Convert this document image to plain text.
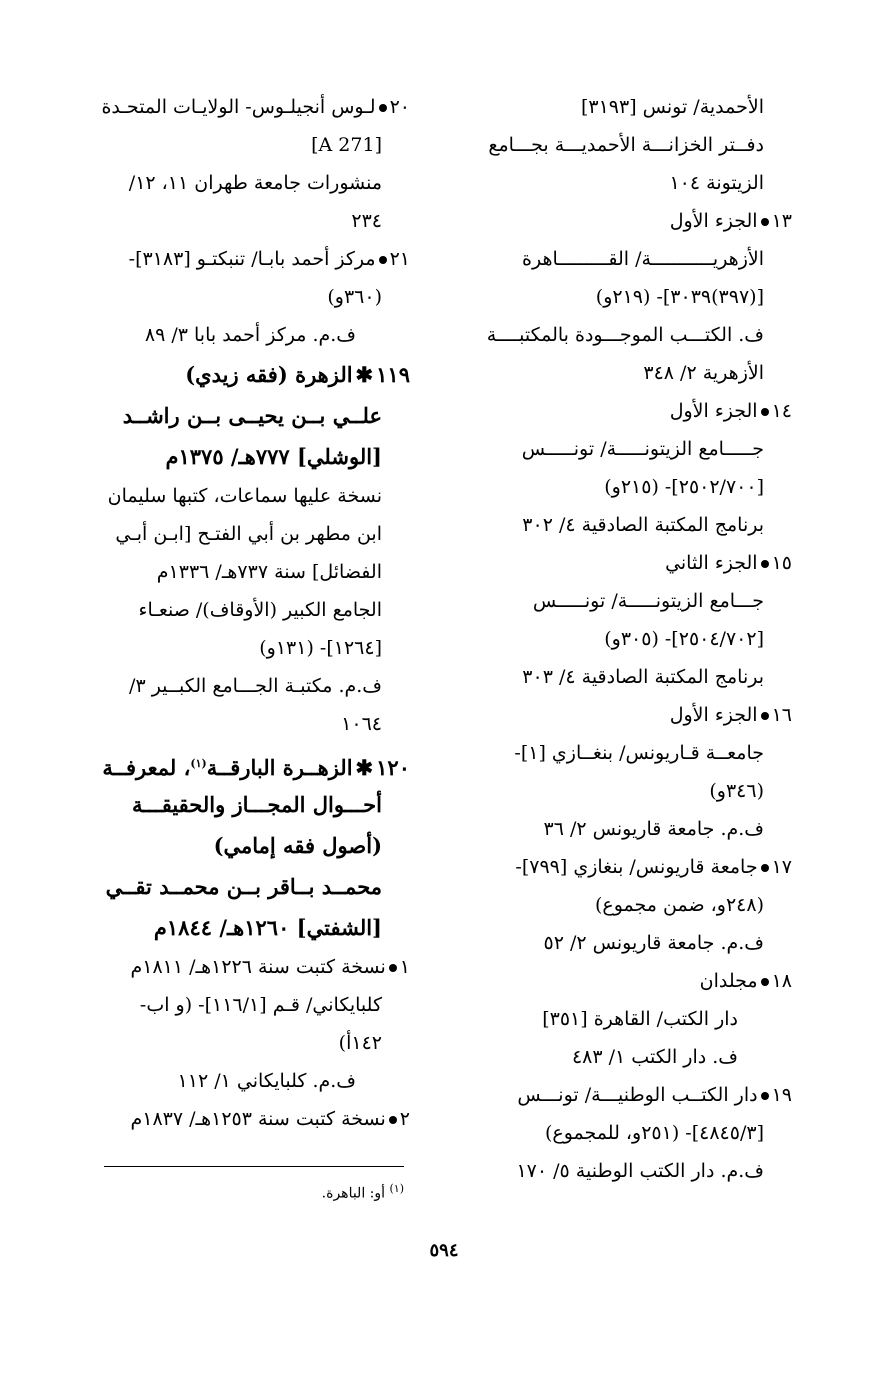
الأحمدية/ تونس [٣١٩٣]
دفــتر الخزانـــة الأحمديـــة بجـــامع
الزيتونة ١٠٤
١٣الجزء الأول
الأزهريـــــــــــة/ القـــــــــاهرة
[(٣٩٧)٣٠٣٩]- (٢١٩و)
ف. الكتـــب الموجـــودة بالمكتبــــة
الأزهرية ٢/ ٣٤٨
١٤الجزء الأول
جـــــامع الزيتونـــــة/ تونـــــس
[٢٥٠٢/٧٠٠]- (٢١٥و)
برنامج المكتبة الصادقية ٤/ ٣٠٢
١٥الجزء الثاني
جـــامع الزيتونـــــة/ تونـــــس
[٢٥٠٤/٧٠٢]- (٣٠٥و)
برنامج المكتبة الصادقية ٤/ ٣٠٣
١٦الجزء الأول
جامعــة قـاريونس/ بنغــازي [١]-
(٣٤٦و)
ف.م. جامعة قاريونس ٢/ ٣٦
١٧جامعة قاريونس/ بنغازي [٧٩٩]-
(٢٤٨و، ضمن مجموع)
ف.م. جامعة قاريونس ٢/ ٥٢
١٨مجلدان
دار الكتب/ القاهرة [٣٥١]
ف. دار الكتب ١/ ٤٨٣
١٩دار الكتــب الوطنيـــة/ تونـــس
[٤٨٤٥/٣]- (٢٥١و، للمجموع)
ف.م. دار الكتب الوطنية ٥/ ١٧٠
٢٠لـوس أنجيلـوس- الولايـات المتحـدة
[A 271]
منشورات جامعة طهران ١١، ١٢/
٢٣٤
٢١مركز أحمد بابـا/ تنبكتـو [٣١٨٣]-
(٣٦٠و)
ف.م. مركز أحمد بابا ٣/ ٨٩
١١٩✱الزهرة (فقه زيدي)
علــي بــن يحيــى بــن راشــد
[الوشلي] ٧٧٧هـ/ ١٣٧٥م
نسخة عليها سماعات، كتبها سليمان
ابن مطهر بن أبي الفتـح [ابـن أبـي
الفضائل] سنة ٧٣٧هـ/ ١٣٣٦م
الجامع الكبير (الأوقاف)/ صنعـاء
[١٢٦٤]- (١٣١و)
ف.م. مكتبـة الجـــامع الكبــير ٣/
١٠٦٤
١٢٠✱الزهــرة البارقــة$^{(١)}$، لمعرفــة
أحـــوال المجـــاز والحقيقـــة
(أصول فقه إمامي)
محمــد بــاقر بــن محمــد تقــي
[الشفتي] ١٢٦٠هـ/ ١٨٤٤م
١نسخة كتبت سنة ١٢٢٦هـ/ ١٨١١م
كلبايكاني/ قـم [١١٦/١]- (و اب-
١٤٢أ)
ف.م. كلبايكاني ١/ ١١٢
٢نسخة كتبت سنة ١٢٥٣هـ/ ١٨٣٧م
$^{(١)}$ أو: الباهرة.
٥٩٤
